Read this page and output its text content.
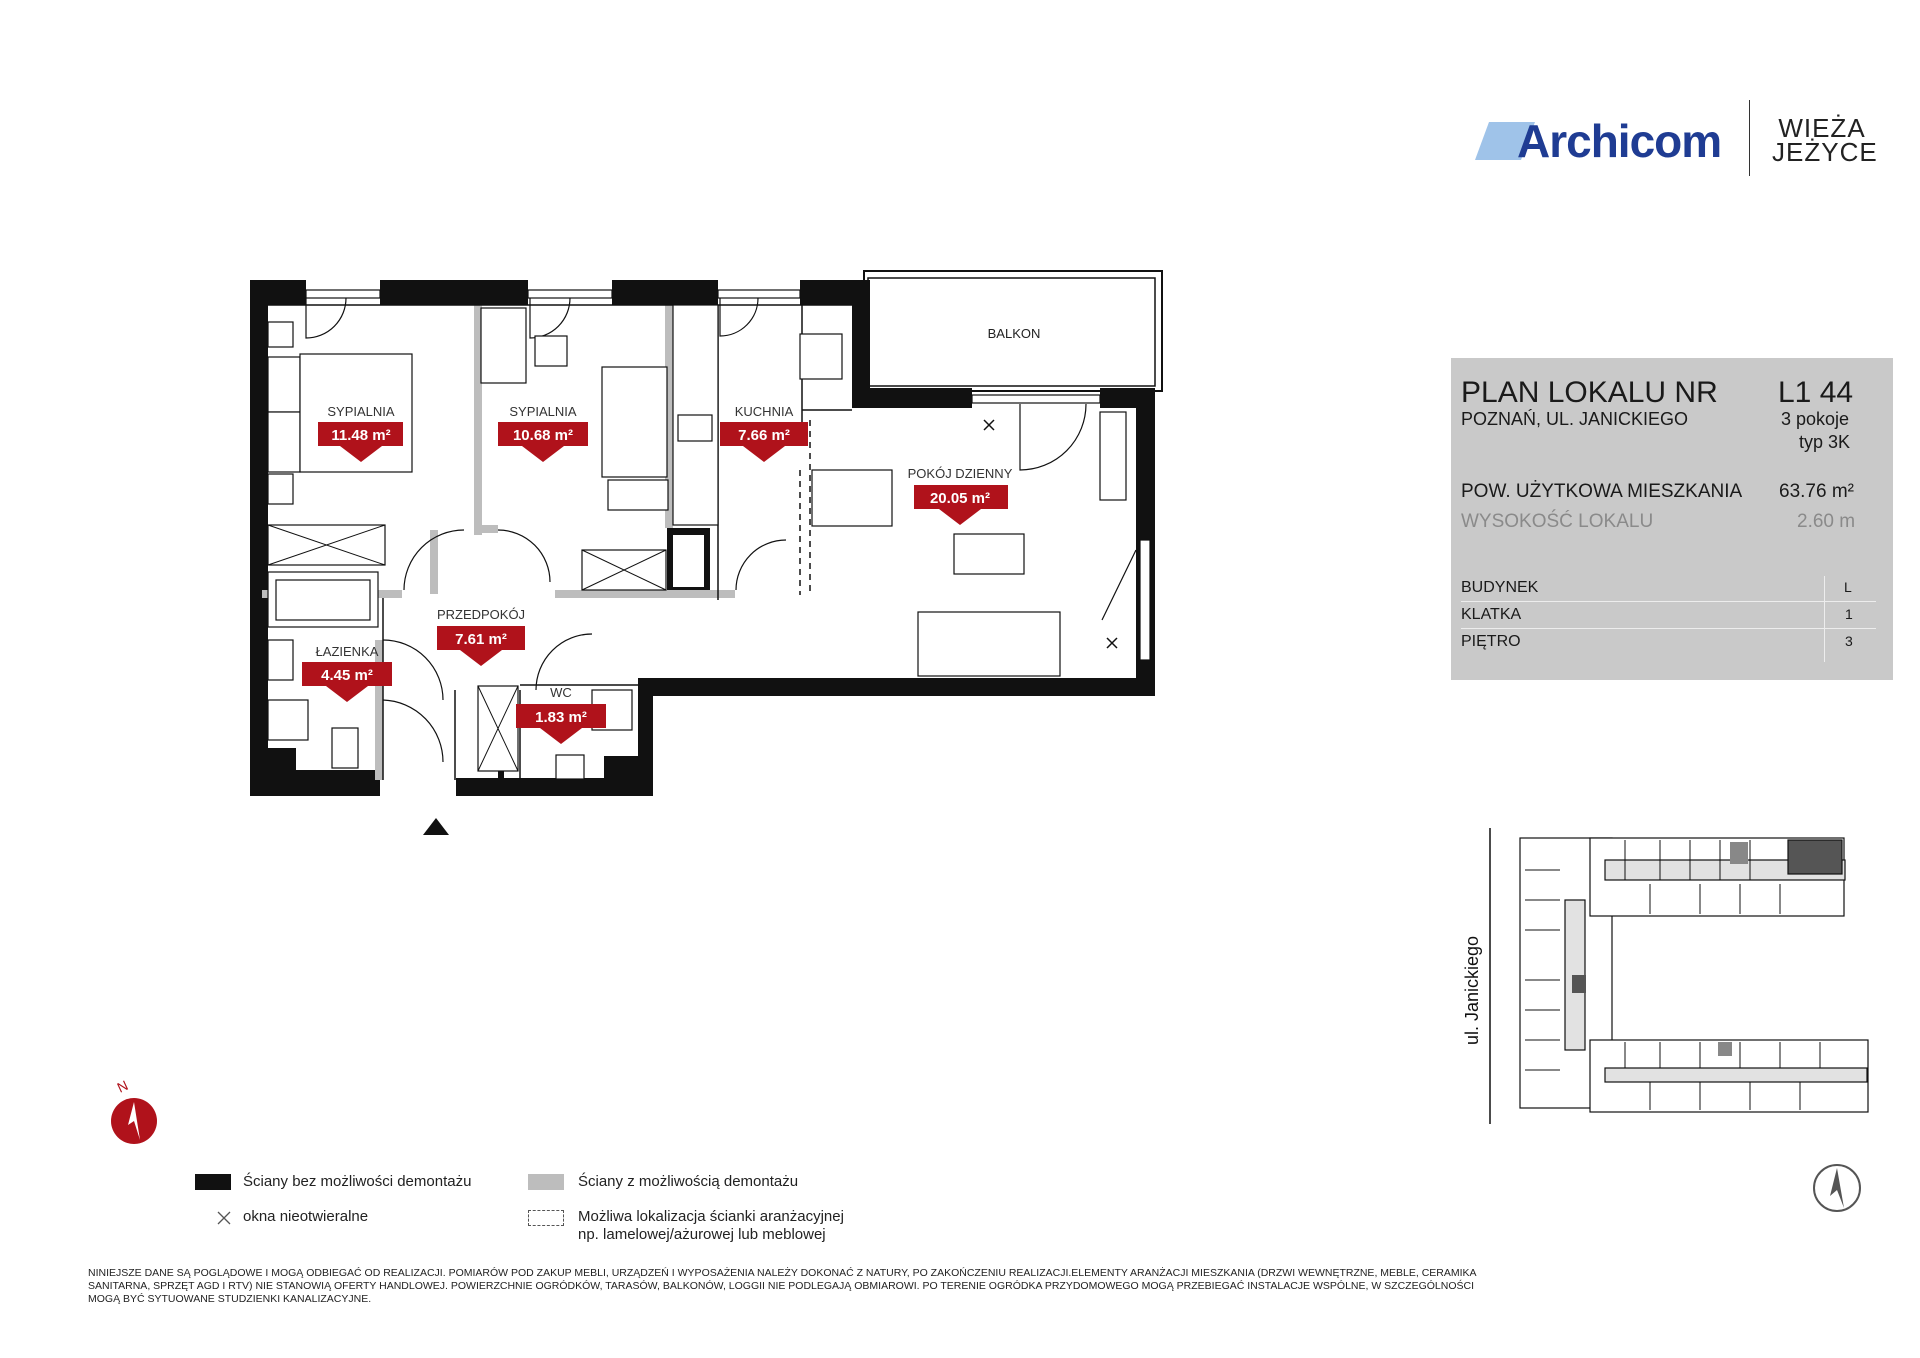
Archicom WIEŻA
JEŻYCE
PLAN LOKALU NR L1 44
POZNAŃ, UL. JANICKIEGO	3 pokoje
typ 3K
POW. UŻYTKOWA MIESZKANIA 63.76 m²
WYSOKOŚĆ LOKALU	2.60 m
BUDYNEK	L
KLATKA	1
PIĘTRO	3
BALKON
SYPIALNIA
11.48 m²
SYPIALNIA
10.68 m²
KUCHNIA
7.66 m²
POKÓJ DZIENNY
20.05 m²
PRZEDPOKÓJ
7.61 m²
ŁAZIENKA
4.45 m²
WC
1.83 m²
N
ul. Janickiego
Ściany bez możliwości demontażu
okna nieotwieralne
Ściany z możliwością demontażu
Możliwa lokalizacja ścianki aranżacyjnej
np. lamelowej/ażurowej lub meblowej
NINIEJSZE DANE SĄ POGLĄDOWE I MOGĄ ODBIEGAĆ OD REALIZACJI. POMIARÓW POD ZAKUP MEBLI, URZĄDZEŃ I WYPOSAŻENIA NALEŻY DOKONAĆ Z NATURY, PO ZAKOŃCZENIU REALIZACJI.ELEMENTY ARANŻACJI MIESZKANIA (DRZWI WEWNĘTRZNE, MEBLE, CERAMIKA SANITARNA, SPRZĘT AGD I RTV) NIE STANOWIĄ OFERTY HANDLOWEJ. POWIERZCHNIE OGRÓDKÓW, TARASÓW, BALKONÓW, LOGGII NIE PODLEGAJĄ OBMIAROWI. PO TERENIE OGRÓDKA PRZYDOMOWEGO MOGĄ PRZEBIEGAĆ INSTALACJE WSPÓLNE, W SZCZEGÓLNOŚCI MOGĄ BYĆ SYTUOWANE STUDZIENKI KANALIZACYJNE.
